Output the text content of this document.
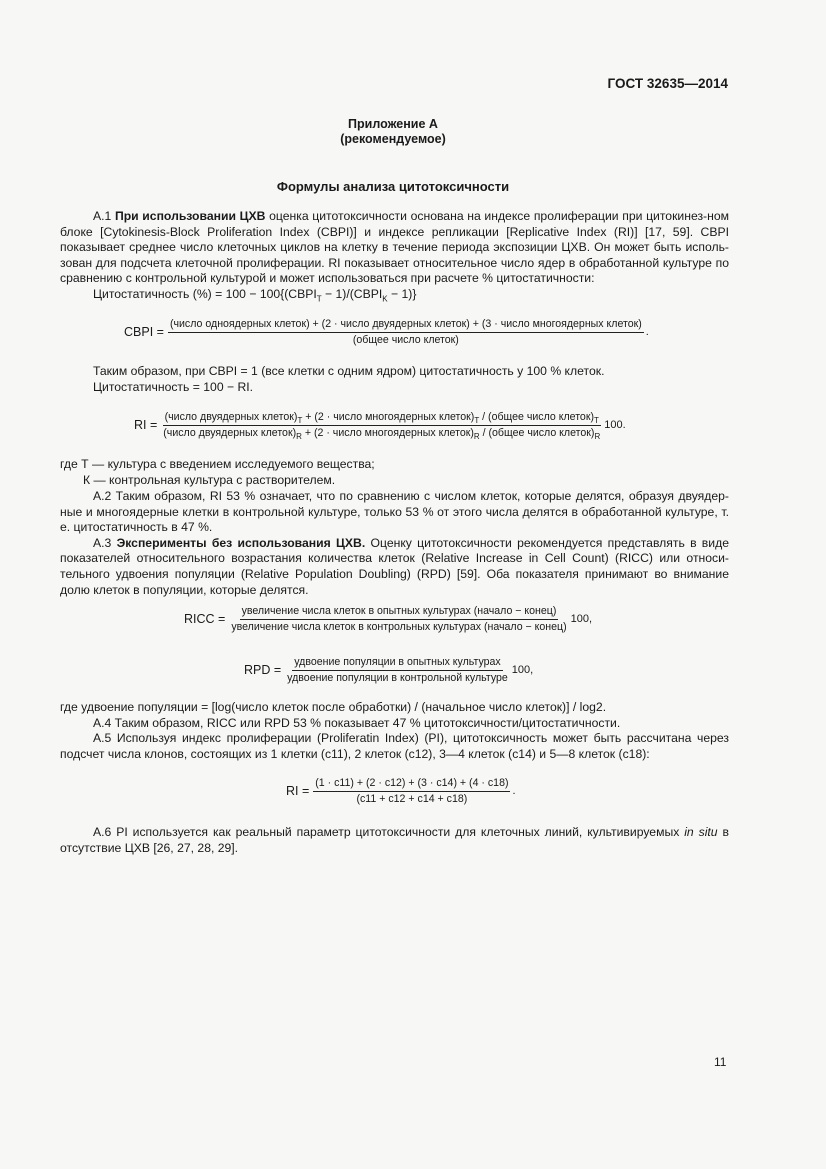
ГОСТ 32635—2014
Приложение А
(рекомендуемое)
Формулы анализа цитотоксичности

А.1 При использовании ЦХВ оценка цитотоксичности основана на индексе пролиферации при цитокинез-ном блоке [Cytokinesis-Block Proliferation Index (CBPI)] и индексе репликации [Replicative Index (RI)] [17, 59]. CBPI показывает среднее число клеточных циклов на клетку в течение периода экспозиции ЦХВ. Он может быть исполь-зован для подсчета клеточной пролиферации. RI показывает относительное число ядер в обработанной культуре по сравнению с контрольной культурой и может использоваться при расчете % цитостатичности:

Цитостатичность (%) = $100 - 100\{(CBPI_T$ − $1)/(CBPI_K - 1)$}

CBPI =
(число одноядерных клеток) + (2 · число двуядерных клеток) + (3 · число многоядерных клеток)
(общее число клеток)
.

Таким образом, при CBPI = 1 (все клетки с одним ядром) цитостатичность у 100 % клеток.

Цитостатичность = 100 − RI.

RI =
(число двуядерных $клеток)_T + (2$ · число многоядерных $клеток)_T$ / (общее число $клеток)_T$
(число двуядерных $клеток)_R + (2$ · число многоядерных $клеток)_R$ / (общее число $клеток)_R$
100.
где Т — культура с введением исследуемого вещества;
К — контрольная культура с растворителем.

А.2 Таким образом, RI 53 % означает, что по сравнению с числом клеток, которые делятся, образуя двуядер-ные и многоядерные клетки в контрольной культуре, только 53 % от этого числа делятся в обработанной культуре, т. е. цитостатичность в 47 %.

А.3 Эксперименты без использования ЦХВ. Оценку цитотоксичности рекомендуется представлять в виде показателей относительного возрастания количества клеток (Relative Increase in Cell Count) (RICC) или относи-тельного удвоения популяции (Relative Population Doubling) (RPD) [59]. Оба показателя принимают во внимание долю клеток в популяции, которые делятся.

RICC =
увеличение числа клеток в опытных культурах (начало − конец)
увеличение числа клеток в контрольных культурах (начало − конец)
100,
RPD = $\frac{\text{удвоение популяции в опытных культурах}}{\text{удвоение популяции в контрольной культуре}} 100$,

где удвоение популяции = [log(число клеток после обработки) / (начальное число клеток)] / log2.

А.4 Таким образом, RICC или RPD 53 % показывает 47 % цитотоксичности/цитостатичности.

А.5 Используя индекс пролиферации (Proliferatin Index) (PI), цитотоксичность может быть рассчитана через подсчет числа клонов, состоящих из 1 клетки (с11), 2 клеток (с12), 3—4 клеток (с14) и 5—8 клеток (с18):

RI = $\frac{(1 \cdot c11) + (2 \cdot c12) + (3 \cdot c14) + (4 \cdot c18)}{(c11 + c12 + c14 + c18)}$ .

А.6 PI используется как реальный параметр цитотоксичности для клеточных линий, культивируемых in situ в отсутствие ЦХВ [26, 27, 28, 29].

11
